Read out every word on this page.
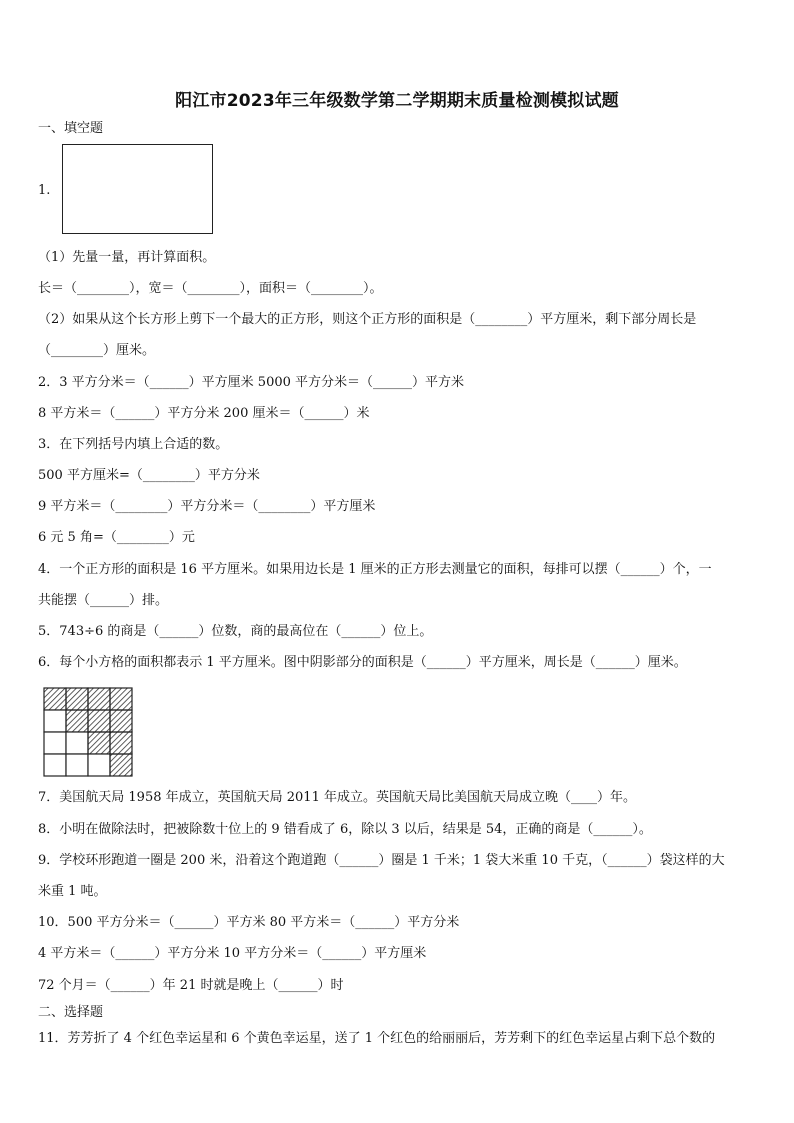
阳江市2023年三年级数学第二学期期末质量检测模拟试题
一、填空题
1.
（1）先量一量，再计算面积。
长＝（________），宽＝（________），面积＝（________）。
（2）如果从这个长方形上剪下一个最大的正方形，则这个正方形的面积是（________）平方厘米，剩下部分周长是
（________）厘米。
2．3 平方分米＝（______）平方厘米 5000 平方分米＝（______）平方米
8 平方米＝（______）平方分米 200 厘米＝（______）米
3．在下列括号内填上合适的数。
500 平方厘米=（________）平方分米
9 平方米＝（________）平方分米＝（________）平方厘米
6 元 5 角=（________）元
4．一个正方形的面积是 16 平方厘米。如果用边长是 1 厘米的正方形去测量它的面积，每排可以摆（______）个，一
共能摆（______）排。
5．743÷6 的商是（______）位数，商的最高位在（______）位上。
6．每个小方格的面积都表示 1 平方厘米。图中阴影部分的面积是（______）平方厘米，周长是（______）厘米。
7．美国航天局 1958 年成立，英国航天局 2011 年成立。英国航天局比美国航天局成立晚（____）年。
8．小明在做除法时，把被除数十位上的 9 错看成了 6，除以 3 以后，结果是 54，正确的商是（______）。
9．学校环形跑道一圈是 200 米，沿着这个跑道跑（______）圈是 1 千米；1 袋大米重 10 千克，（______）袋这样的大
米重 1 吨。
10．500 平方分米＝（______）平方米 80 平方米＝（______）平方分米
4 平方米＝（______）平方分米 10 平方分米＝（______）平方厘米
72 个月＝（______）年 21 时就是晚上（______）时
二、选择题
11．芳芳折了 4 个红色幸运星和 6 个黄色幸运星，送了 1 个红色的给丽丽后，芳芳剩下的红色幸运星占剩下总个数的
